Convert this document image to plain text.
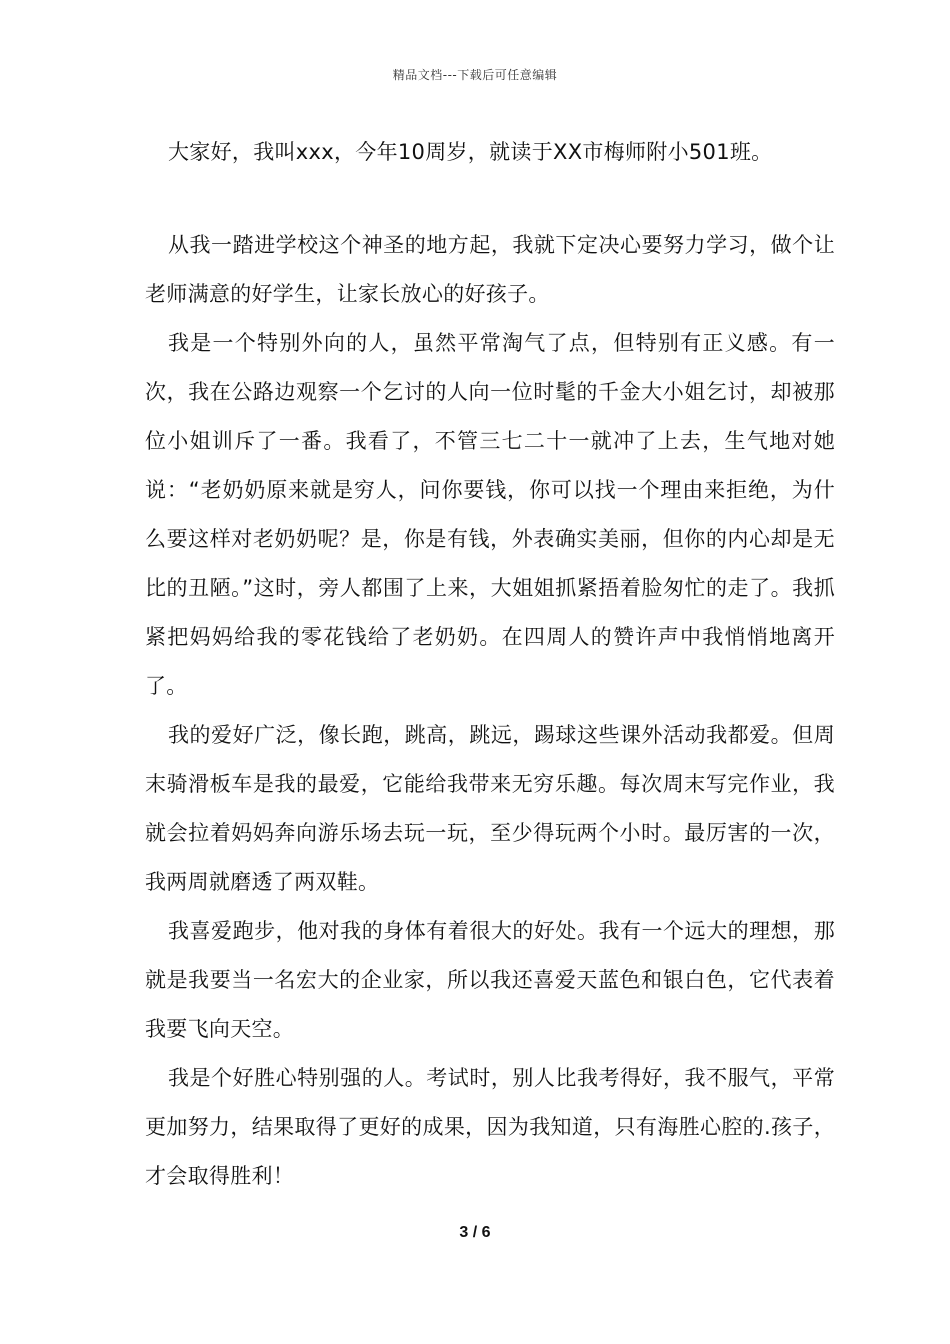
精品文档---下载后可任意编辑

大家好，我叫xxx，今年10周岁，就读于XX市梅师附小501班。

从我一踏进学校这个神圣的地方起，我就下定决心要努力学习，做个让老师满意的好学生，让家长放心的好孩子。

我是一个特别外向的人，虽然平常淘气了点，但特别有正义感。有一次，我在公路边观察一个乞讨的人向一位时髦的千金大小姐乞讨，却被那位小姐训斥了一番。我看了，不管三七二十一就冲了上去，生气地对她说：“老奶奶原来就是穷人，问你要钱，你可以找一个理由来拒绝，为什么要这样对老奶奶呢？是，你是有钱，外表确实美丽，但你的内心却是无比的丑陋。”这时，旁人都围了上来，大姐姐抓紧捂着脸匆忙的走了。我抓紧把妈妈给我的零花钱给了老奶奶。在四周人的赞许声中我悄悄地离开了。

我的爱好广泛，像长跑，跳高，跳远，踢球这些课外活动我都爱。但周末骑滑板车是我的最爱，它能给我带来无穷乐趣。每次周末写完作业，我就会拉着妈妈奔向游乐场去玩一玩，至少得玩两个小时。最厉害的一次，我两周就磨透了两双鞋。

我喜爱跑步，他对我的身体有着很大的好处。我有一个远大的理想，那就是我要当一名宏大的企业家，所以我还喜爱天蓝色和银白色，它代表着我要飞向天空。

我是个好胜心特别强的人。考试时，别人比我考得好，我不服气，平常更加努力，结果取得了更好的成果，因为我知道，只有海胜心腔的.孩子，才会取得胜利！

3 / 6
